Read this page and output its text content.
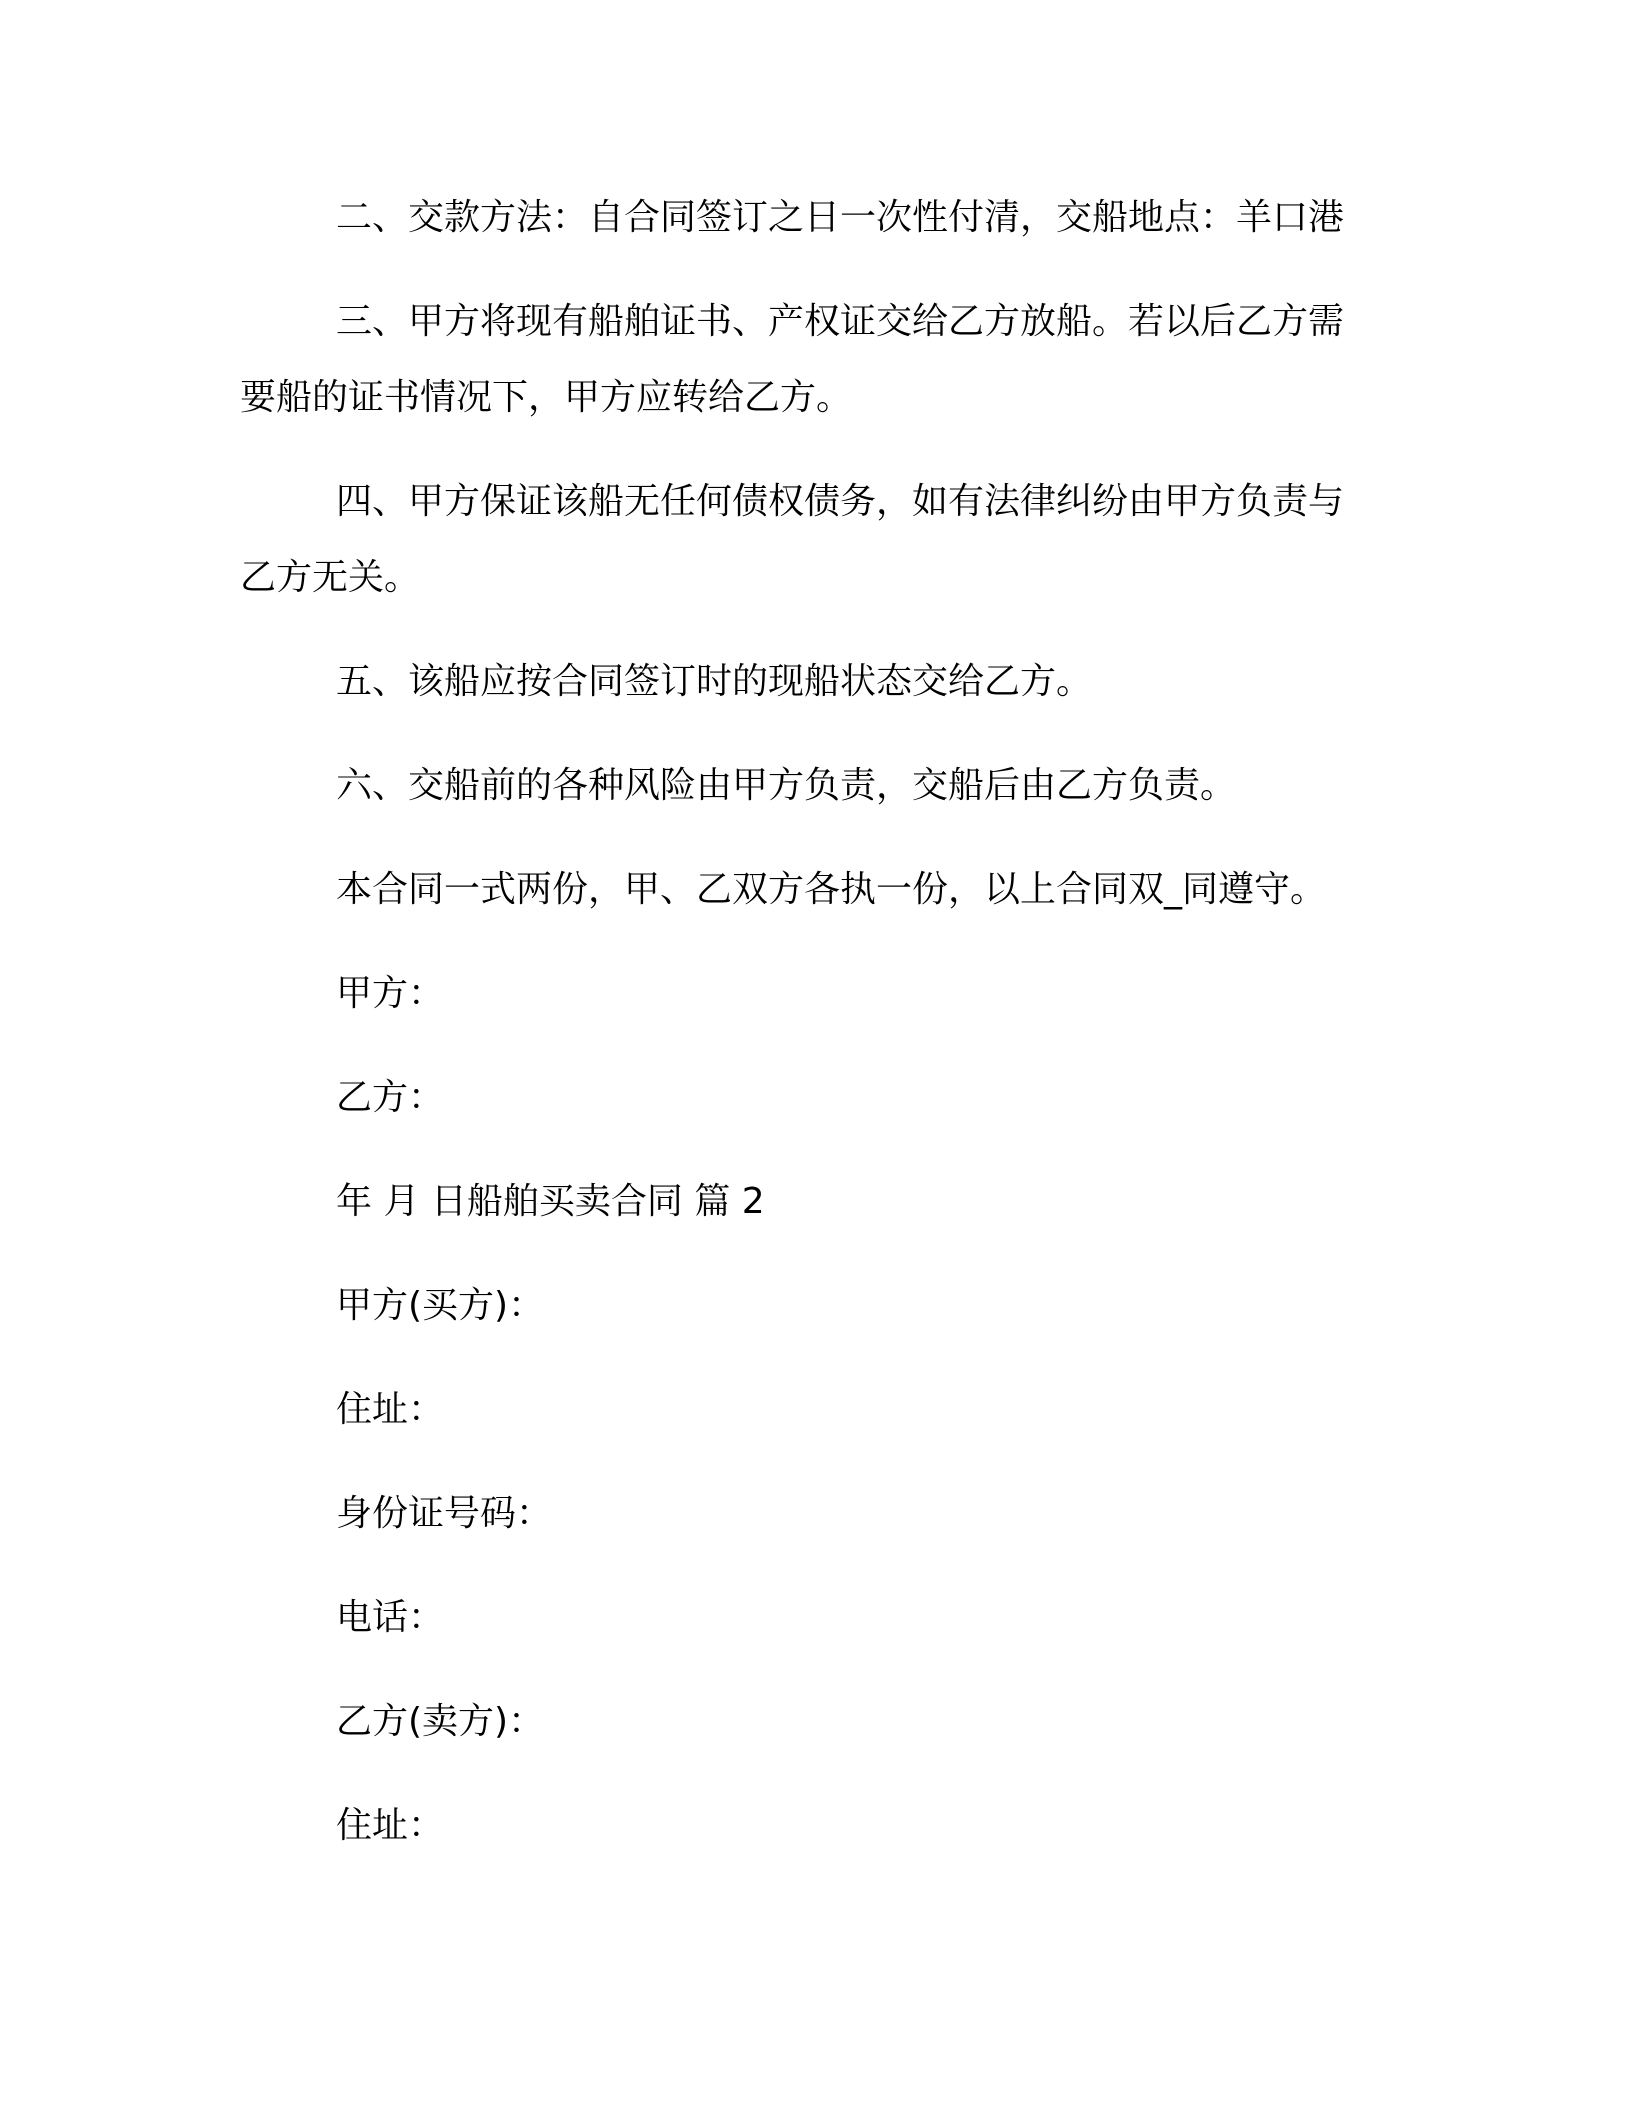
二、交款方法：自合同签订之日一次性付清，交船地点：羊口港

三、甲方将现有船舶证书、产权证交给乙方放船。若以后乙方需要船的证书情况下，甲方应转给乙方。

四、甲方保证该船无任何债权债务，如有法律纠纷由甲方负责与乙方无关。

五、该船应按合同签订时的现船状态交给乙方。

六、交船前的各种风险由甲方负责，交船后由乙方负责。

本合同一式两份，甲、乙双方各执一份，以上合同双_同遵守。

甲方：
乙方：
年 月 日船舶买卖合同 篇 2
甲方(买方)：
住址：
身份证号码：
电话：
乙方(卖方)：
住址：
